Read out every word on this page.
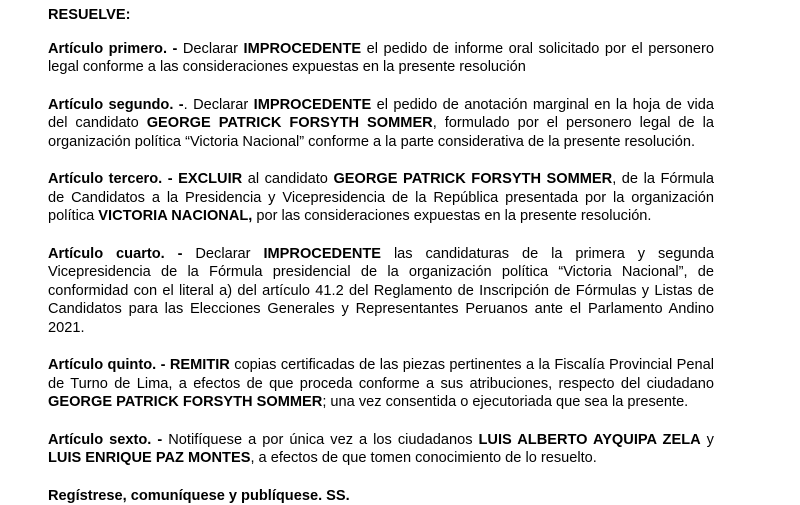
RESUELVE:

Artículo primero. - Declarar IMPROCEDENTE el pedido de informe oral solicitado por el personero legal conforme a las consideraciones expuestas en la presente resolución

Artículo segundo. -. Declarar IMPROCEDENTE el pedido de anotación marginal en la hoja de vida del candidato GEORGE PATRICK FORSYTH SOMMER, formulado por el personero legal de la organización política “Victoria Nacional” conforme a la parte considerativa de la presente resolución.

Artículo tercero. - EXCLUIR al candidato GEORGE PATRICK FORSYTH SOMMER, de la Fórmula de Candidatos a la Presidencia y Vicepresidencia de la República presentada por la organización política VICTORIA NACIONAL, por las consideraciones expuestas en la presente resolución.

Artículo cuarto. - Declarar IMPROCEDENTE las candidaturas de la primera y segunda Vicepresidencia de la Fórmula presidencial de la organización política “Victoria Nacional”, de conformidad con el literal a) del artículo 41.2 del Reglamento de Inscripción de Fórmulas y Listas de Candidatos para las Elecciones Generales y Representantes Peruanos ante el Parlamento Andino 2021.

Artículo quinto. - REMITIR copias certificadas de las piezas pertinentes a la Fiscalía Provincial Penal de Turno de Lima, a efectos de que proceda conforme a sus atribuciones, respecto del ciudadano GEORGE PATRICK FORSYTH SOMMER; una vez consentida o ejecutoriada que sea la presente.

Artículo sexto. - Notifíquese a por única vez a los ciudadanos LUIS ALBERTO AYQUIPA ZELA y LUIS ENRIQUE PAZ MONTES, a efectos de que tomen conocimiento de lo resuelto.

Regístrese, comuníquese y publíquese. SS.
